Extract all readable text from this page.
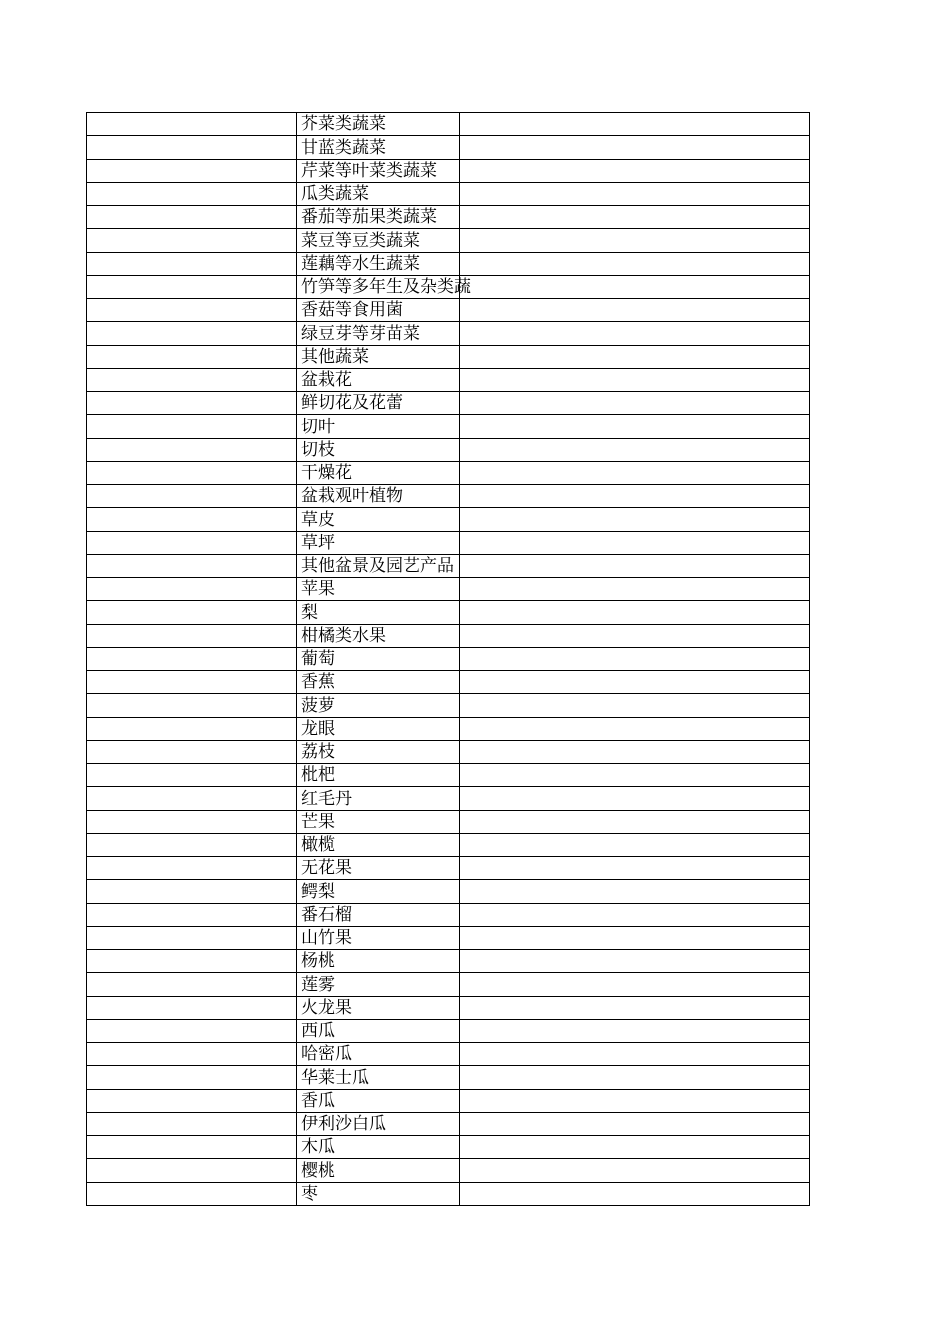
	芥菜类蔬菜	
	甘蓝类蔬菜	
	芹菜等叶菜类蔬菜	
	瓜类蔬菜	
	番茄等茄果类蔬菜	
	菜豆等豆类蔬菜	
	莲藕等水生蔬菜	
	竹笋等多年生及杂类蔬	
	香菇等食用菌	
	绿豆芽等芽苗菜	
	其他蔬菜	
	盆栽花	
	鲜切花及花蕾	
	切叶	
	切枝	
	干燥花	
	盆栽观叶植物	
	草皮	
	草坪	
	其他盆景及园艺产品	
	苹果	
	梨	
	柑橘类水果	
	葡萄	
	香蕉	
	菠萝	
	龙眼	
	荔枝	
	枇杷	
	红毛丹	
	芒果	
	橄榄	
	无花果	
	鳄梨	
	番石榴	
	山竹果	
	杨桃	
	莲雾	
	火龙果	
	西瓜	
	哈密瓜	
	华莱士瓜	
	香瓜	
	伊利沙白瓜	
	木瓜	
	樱桃	
	枣	
